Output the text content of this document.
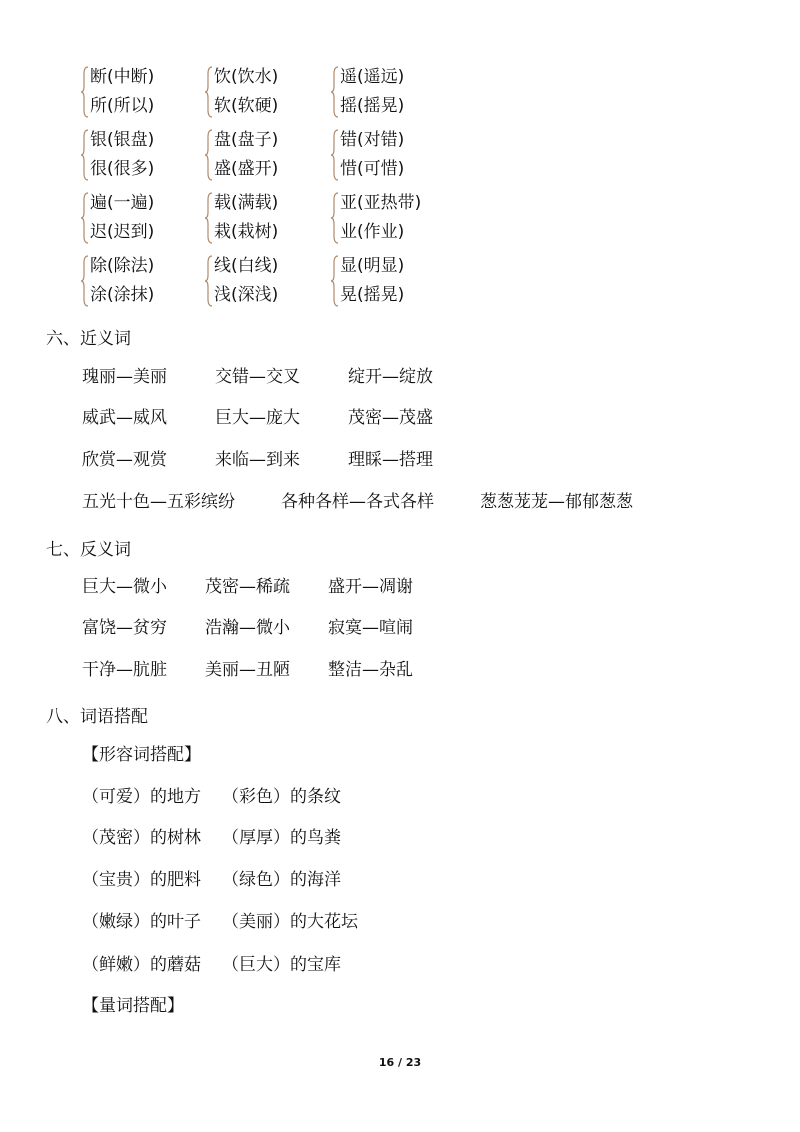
断(中断)
所(所以)
饮(饮水)
软(软硬)
遥(遥远)
摇(摇晃)
银(银盘)
很(很多)
盘(盘子)
盛(盛开)
错(对错)
惜(可惜)
遍(一遍)
迟(迟到)
载(满载)
栽(栽树)
亚(亚热带)
业(作业)
除(除法)
涂(涂抹)
线(白线)
浅(深浅)
显(明显)
晃(摇晃)
六、近义词
瑰丽—美丽	交错—交叉	绽开—绽放
威武—威风	巨大—庞大	茂密—茂盛
欣赏—观赏	来临—到来	理睬—搭理
五光十色—五彩缤纷	各种各样—各式各样	葱葱茏茏—郁郁葱葱
七、反义词
巨大—微小 茂密—稀疏 盛开—凋谢
富饶—贫穷 浩瀚—微小 寂寞—喧闹
干净—肮脏 美丽—丑陋 整洁—杂乱
八、词语搭配
【形容词搭配】
（可爱）的地方 （彩色）的条纹
（茂密）的树林 （厚厚）的鸟粪
（宝贵）的肥料 （绿色）的海洋
（嫩绿）的叶子 （美丽）的大花坛
（鲜嫩）的蘑菇 （巨大）的宝库
【量词搭配】
16 / 23
